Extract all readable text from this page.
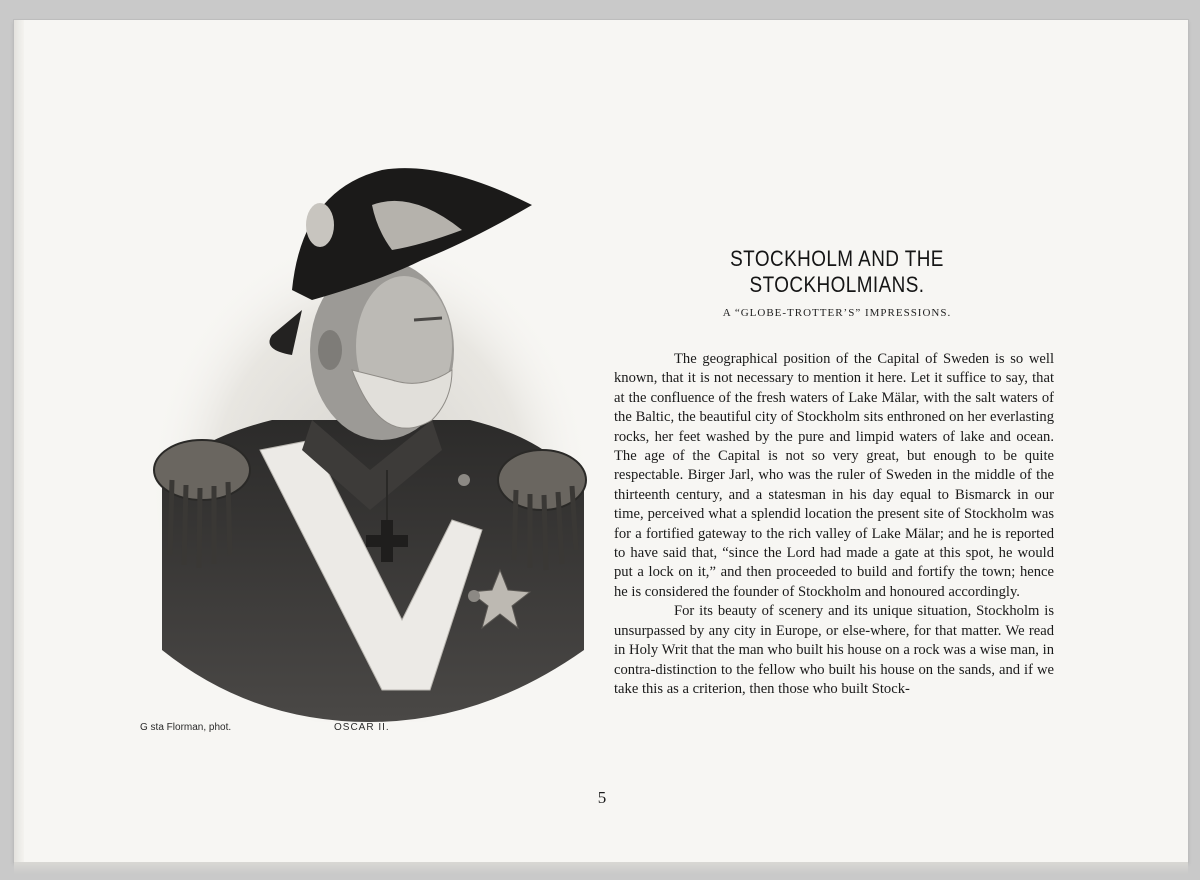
G sta Florman, phot.	OSCAR II.
STOCKHOLM AND THE STOCKHOLMIANS.
A “GLOBE-TROTTER’S” IMPRESSIONS.

The geographical position of the Capital of Sweden is so well known, that it is not necessary to mention it here. Let it suffice to say, that at the confluence of the fresh waters of Lake Mälar, with the salt waters of the Baltic, the beautiful city of Stockholm sits enthroned on her everlasting rocks, her feet washed by the pure and limpid waters of lake and ocean. The age of the Capital is not so very great, but enough to be quite respectable. Birger Jarl, who was the ruler of Sweden in the middle of the thirteenth century, and a statesman in his day equal to Bismarck in our time, perceived what a splendid location the present site of Stockholm was for a fortified gateway to the rich valley of Lake Mälar; and he is reported to have said that, “since the Lord had made a gate at this spot, he would put a lock on it,” and then proceeded to build and fortify the town; hence he is considered the founder of Stockholm and honoured accordingly.

For its beauty of scenery and its unique situation, Stockholm is unsurpassed by any city in Europe, or else-where, for that matter. We read in Holy Writ that the man who built his house on a rock was a wise man, in contra-distinction to the fellow who built his house on the sands, and if we take this as a criterion, then those who built Stock-

5
